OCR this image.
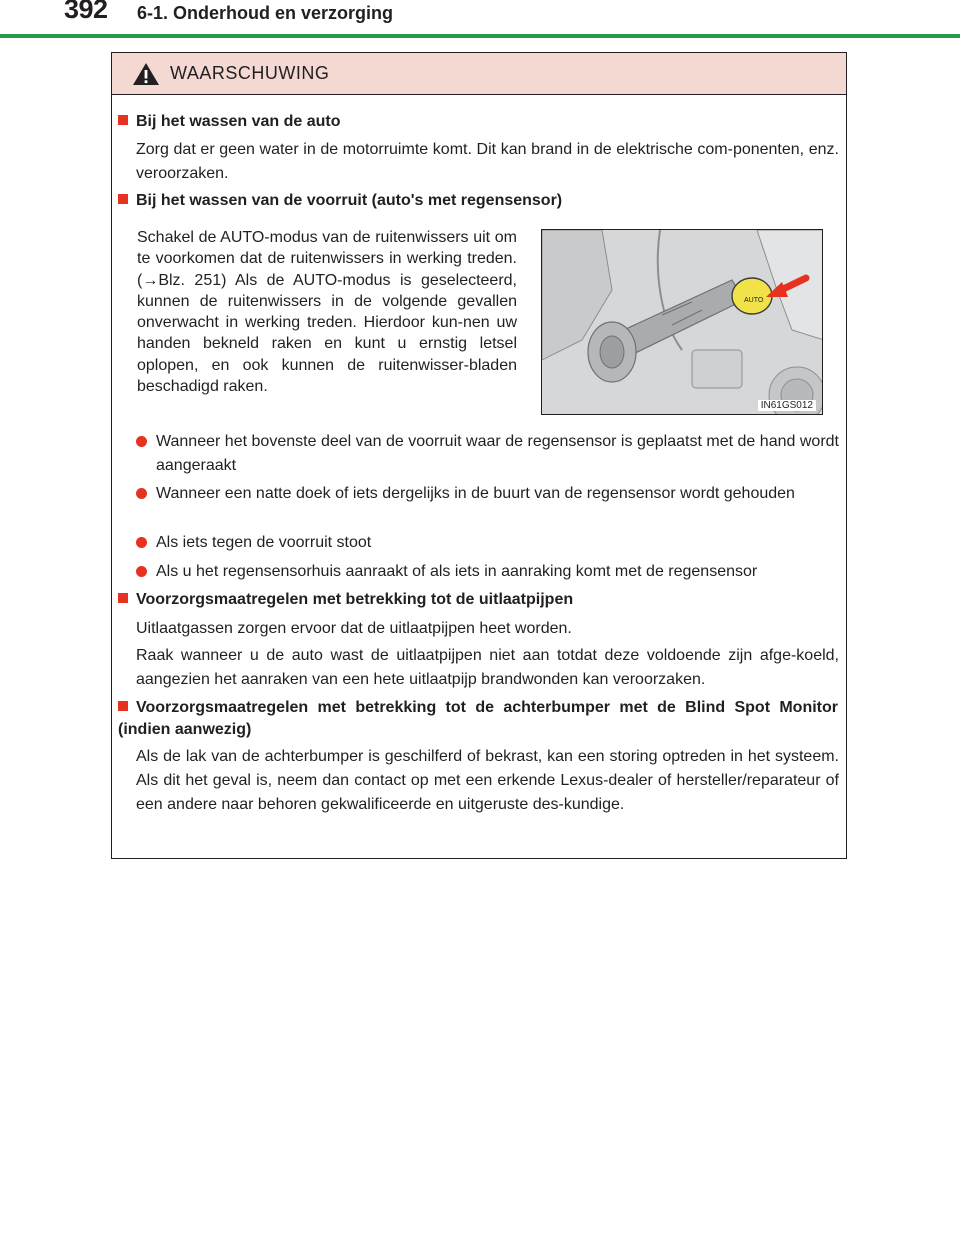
392 6-1. Onderhoud en verzorging
WAARSCHUWING
Bij het wassen van de auto
Zorg dat er geen water in de motorruimte komt. Dit kan brand in de elektrische com-ponenten, enz. veroorzaken.
Bij het wassen van de voorruit (auto's met regensensor)
Schakel de AUTO-modus van de ruitenwissers uit om te voorkomen dat de ruitenwissers in werking treden. (→Blz. 251) Als de AUTO-modus is geselecteerd, kunnen de ruitenwissers in de volgende gevallen onverwacht in werking treden. Hierdoor kun-nen uw handen bekneld raken en kunt u ernstig letsel oplopen, en ook kunnen de ruitenwisser-bladen beschadigd raken.
AUTO
IN61GS012
Wanneer het bovenste deel van de voorruit waar de regensensor is geplaatst met de hand wordt aangeraakt
Wanneer een natte doek of iets dergelijks in de buurt van de regensensor wordt gehouden
Als iets tegen de voorruit stoot
Als u het regensensorhuis aanraakt of als iets in aanraking komt met de regensensor
Voorzorgsmaatregelen met betrekking tot de uitlaatpijpen
Uitlaatgassen zorgen ervoor dat de uitlaatpijpen heet worden.
Raak wanneer u de auto wast de uitlaatpijpen niet aan totdat deze voldoende zijn afge-koeld, aangezien het aanraken van een hete uitlaatpijp brandwonden kan veroorzaken.
Voorzorgsmaatregelen met betrekking tot de achterbumper met de Blind Spot Monitor (indien aanwezig)
Als de lak van de achterbumper is geschilferd of bekrast, kan een storing optreden in het systeem. Als dit het geval is, neem dan contact op met een erkende Lexus-dealer of hersteller/reparateur of een andere naar behoren gekwalificeerde en uitgeruste des-kundige.
